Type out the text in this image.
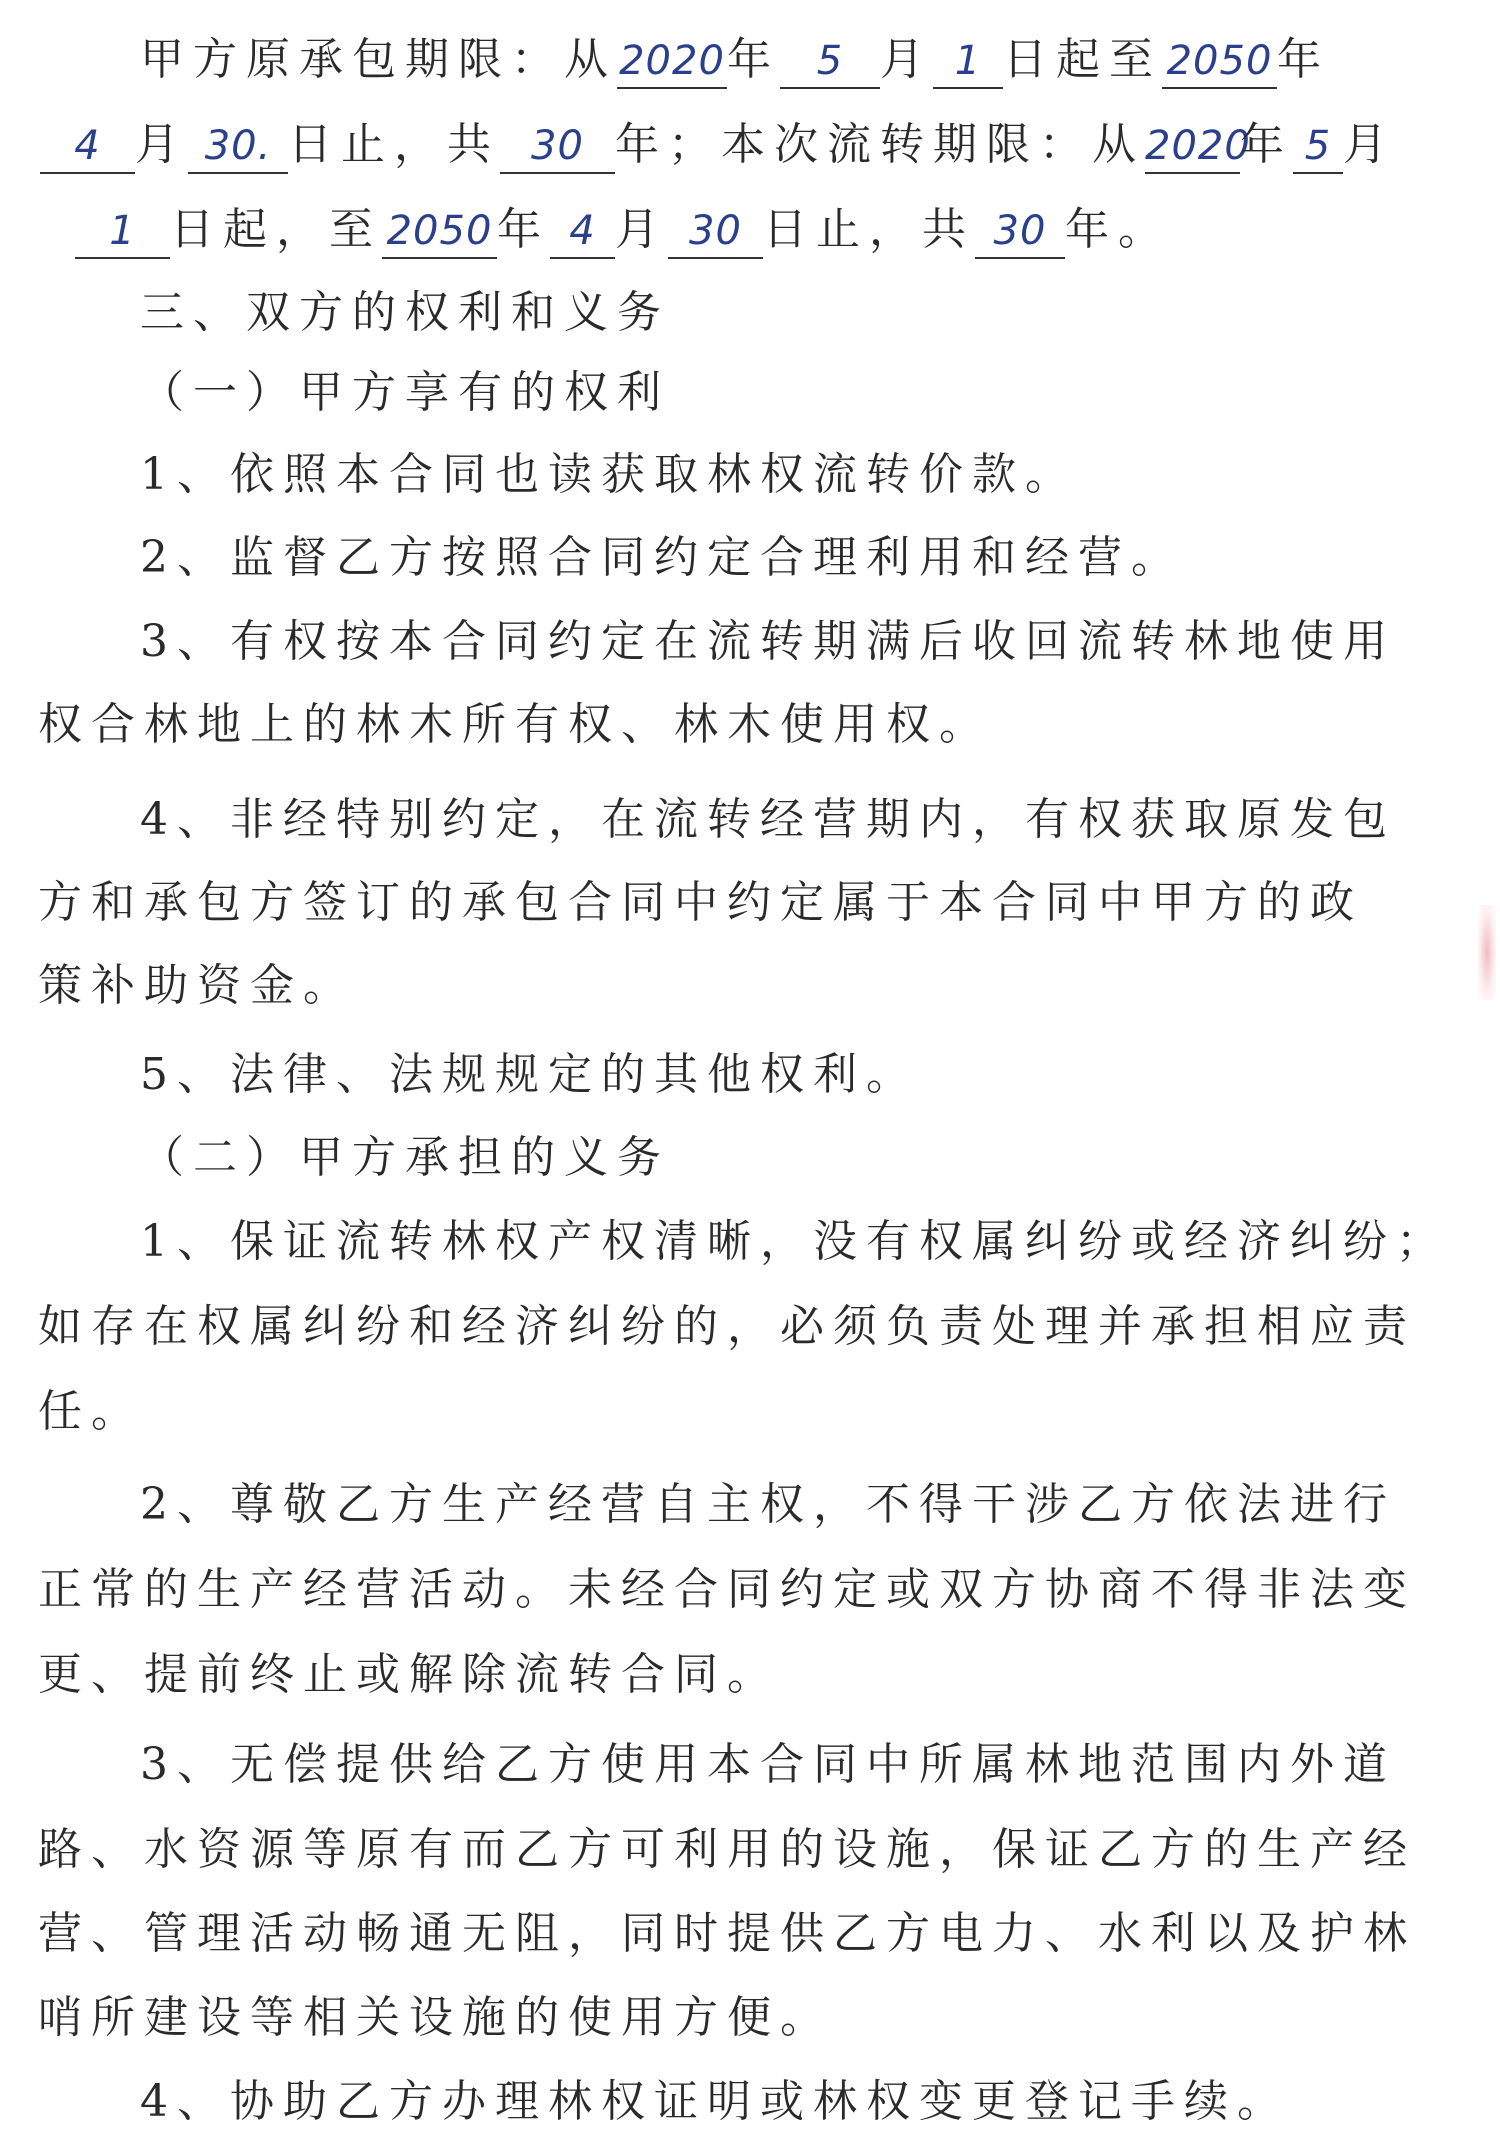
甲方原承包期限：从2020年 5 月 1 日起至 2050 年
4 月 30. 日止，共 30 年；本次流转期限：从2020年 5 月
1 日起，至 2050 年 4 月 30 日止，共 30 年。
三、双方的权利和义务
（一）甲方享有的权利
1、依照本合同也读获取林权流转价款。
2、监督乙方按照合同约定合理利用和经营。
3、有权按本合同约定在流转期满后收回流转林地使用
权合林地上的林木所有权、林木使用权。
4、非经特别约定，在流转经营期内，有权获取原发包
方和承包方签订的承包合同中约定属于本合同中甲方的政
策补助资金。
5、法律、法规规定的其他权利。
（二）甲方承担的义务
1、保证流转林权产权清晰，没有权属纠纷或经济纠纷；
如存在权属纠纷和经济纠纷的，必须负责处理并承担相应责
任。
2、尊敬乙方生产经营自主权，不得干涉乙方依法进行
正常的生产经营活动。未经合同约定或双方协商不得非法变
更、提前终止或解除流转合同。
3、无偿提供给乙方使用本合同中所属林地范围内外道
路、水资源等原有而乙方可利用的设施，保证乙方的生产经
营、管理活动畅通无阻，同时提供乙方电力、水利以及护林
哨所建设等相关设施的使用方便。
4、协助乙方办理林权证明或林权变更登记手续。
